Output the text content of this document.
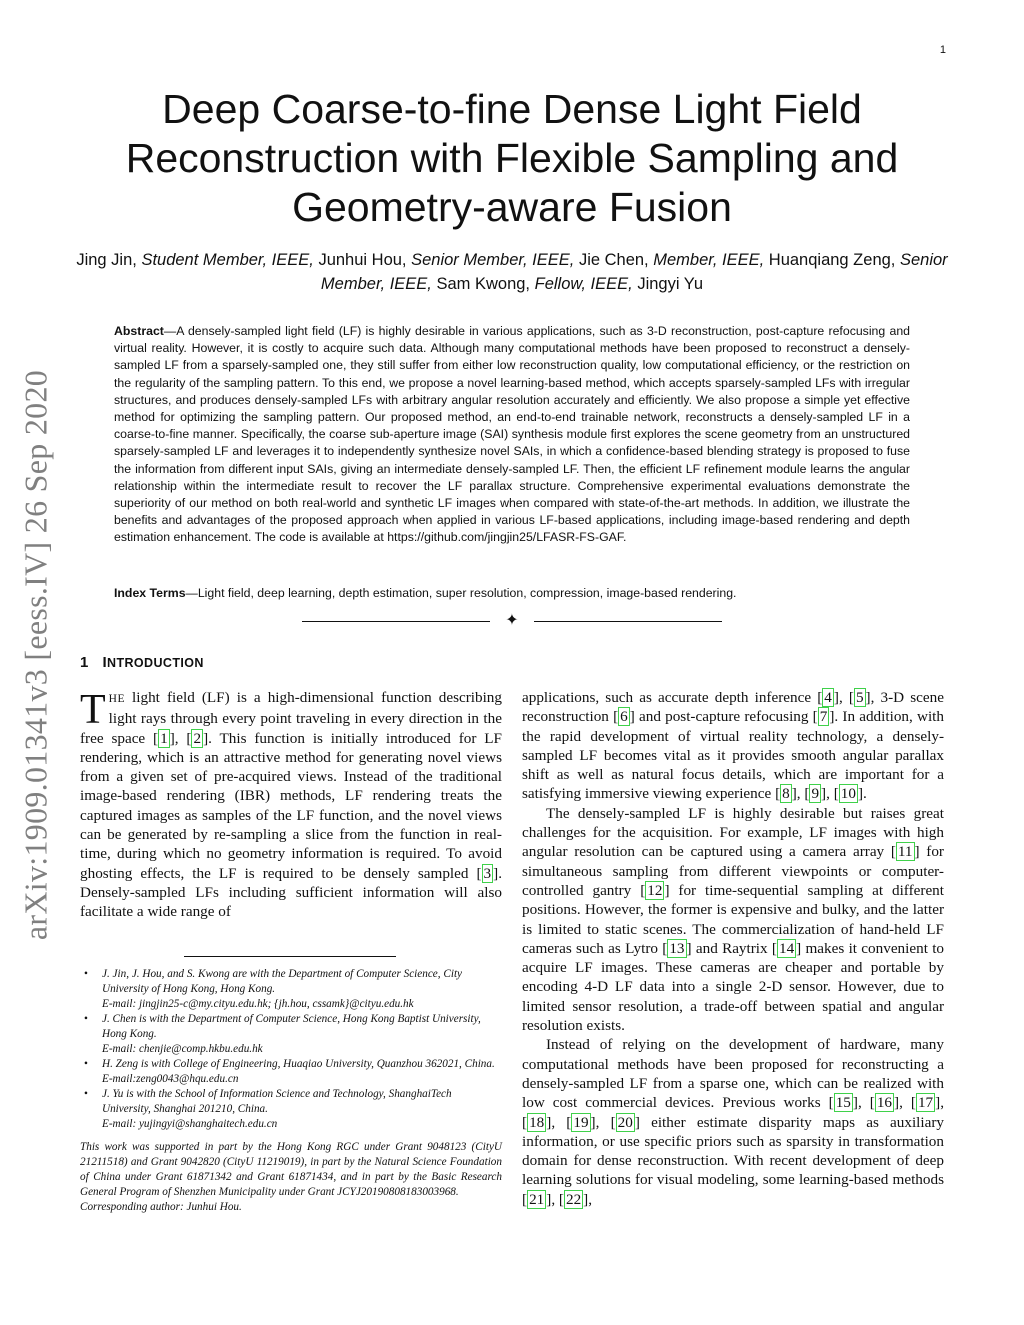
1
arXiv:1909.01341v3 [eess.IV] 26 Sep 2020
Deep Coarse-to-fine Dense Light Field Reconstruction with Flexible Sampling and Geometry-aware Fusion
Jing Jin, Student Member, IEEE, Junhui Hou, Senior Member, IEEE, Jie Chen, Member, IEEE, Huanqiang Zeng, Senior Member, IEEE, Sam Kwong, Fellow, IEEE, Jingyi Yu

Abstract—A densely-sampled light field (LF) is highly desirable in various applications, such as 3-D reconstruction, post-capture refocusing and virtual reality. However, it is costly to acquire such data. Although many computational methods have been proposed to reconstruct a densely-sampled LF from a sparsely-sampled one, they still suffer from either low reconstruction quality, low computational efficiency, or the restriction on the regularity of the sampling pattern. To this end, we propose a novel learning-based method, which accepts sparsely-sampled LFs with irregular structures, and produces densely-sampled LFs with arbitrary angular resolution accurately and efficiently. We also propose a simple yet effective method for optimizing the sampling pattern. Our proposed method, an end-to-end trainable network, reconstructs a densely-sampled LF in a coarse-to-fine manner. Specifically, the coarse sub-aperture image (SAI) synthesis module first explores the scene geometry from an unstructured sparsely-sampled LF and leverages it to independently synthesize novel SAIs, in which a confidence-based blending strategy is proposed to fuse the information from different input SAIs, giving an intermediate densely-sampled LF. Then, the efficient LF refinement module learns the angular relationship within the intermediate result to recover the LF parallax structure. Comprehensive experimental evaluations demonstrate the superiority of our method on both real-world and synthetic LF images when compared with state-of-the-art methods. In addition, we illustrate the benefits and advantages of the proposed approach when applied in various LF-based applications, including image-based rendering and depth estimation enhancement. The code is available at https://github.com/jingjin25/LFASR-FS-GAF.

Index Terms—Light field, deep learning, depth estimation, super resolution, compression, image-based rendering.

✦
1 INTRODUCTION

THE light field (LF) is a high-dimensional function describing light rays through every point traveling in every direction in the free space [ 1 ], [ 2 ]. This function is initially introduced for LF rendering, which is an attractive method for generating novel views from a given set of pre-acquired views. Instead of the traditional image-based rendering (IBR) methods, LF rendering treats the captured images as samples of the LF function, and the novel views can be generated by re-sampling a slice from the function in real-time, during which no geometry information is required. To avoid ghosting effects, the LF is required to be densely sampled [ 3 ]. Densely-sampled LFs including sufficient information will also facilitate a wide range of

applications, such as accurate depth inference [ 4 ], [ 5 ], 3-D scene reconstruction [ 6 ] and post-capture refocusing [ 7 ]. In addition, with the rapid development of virtual reality technology, a densely-sampled LF becomes vital as it provides smooth angular parallax shift as well as natural focus details, which are important for a satisfying immersive viewing experience [ 8 ], [ 9 ], [ 10 ].

The densely-sampled LF is highly desirable but raises great challenges for the acquisition. For example, LF images with high angular resolution can be captured using a camera array [ 11 ] for simultaneous sampling from different viewpoints or computer-controlled gantry [ 12 ] for time-sequential sampling at different positions. However, the former is expensive and bulky, and the latter is limited to static scenes. The commercialization of hand-held LF cameras such as Lytro [ 13 ] and Raytrix [ 14 ] makes it convenient to acquire LF images. These cameras are cheaper and portable by encoding 4-D LF data into a single 2-D sensor. However, due to limited sensor resolution, a trade-off between spatial and angular resolution exists.

Instead of relying on the development of hardware, many computational methods have been proposed for reconstructing a densely-sampled LF from a sparse one, which can be realized with low cost commercial devices. Previous works [ 15 ], [ 16 ], [ 17 ], [ 18 ], [ 19 ], [ 20 ] either estimate disparity maps as auxiliary information, or use specific priors such as sparsity in transformation domain for dense reconstruction. With recent development of deep learning solutions for visual modeling, some learning-based methods [ 21 ], [ 22 ],

• J. Jin, J. Hou, and S. Kwong are with the Department of Computer Science, City University of Hong Kong, Hong Kong.
E-mail: jingjin25-c@my.cityu.edu.hk; {jh.hou, cssamk}@cityu.edu.hk
• J. Chen is with the Department of Computer Science, Hong Kong Baptist University, Hong Kong.
E-mail: chenjie@comp.hkbu.edu.hk
• H. Zeng is with College of Engineering, Huaqiao University, Quanzhou 362021, China.
E-mail:zeng0043@hqu.edu.cn
• J. Yu is with the School of Information Science and Technology, ShanghaiTech University, Shanghai 201210, China.
E-mail: yujingyi@shanghaitech.edu.cn
This work was supported in part by the Hong Kong RGC under Grant 9048123 (CityU 21211518) and Grant 9042820 (CityU 11219019), in part by the Natural Science Foundation of China under Grant 61871342 and Grant 61871434, and in part by the Basic Research General Program of Shenzhen Municipality under Grant JCYJ20190808183003968.
Corresponding author: Junhui Hou.
